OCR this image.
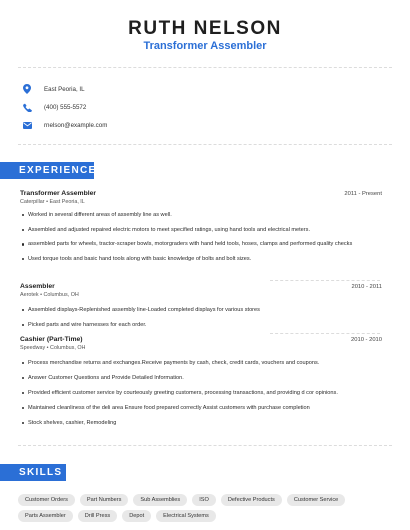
RUTH NELSON
Transformer Assembler
East Peoria, IL
(400) 555-5572
rnelson@example.com
EXPERIENCE
Transformer Assembler	2011 - Present
Caterpillar • East Peoria, IL
Worked in several different areas of assembly line as well.
Assembled and adjusted repaired electric motors to meet specified ratings, using hand tools and electrical meters.
assembled parts for wheels, tractor-scraper bowls, motorgraders with hand held tools, hoses, clamps and performed quality checks
Used torque tools and basic hand tools along with basic knowledge of bolts and bolt sizes.
Assembler	2010 - 2011
Aerotek • Columbus, OH
Assembled displays-Replenished assembly line-Loaded completed displays for various stores
Picked parts and wire harnesses for each order.
Cashier (Part-Time)	2010 - 2010
Speedway • Columbus, OH
Process merchandise returns and exchanges.Receive payments by cash, check, credit cards, vouchers and coupons.
Answer Customer Questions and Provide Detailed Information.
Provided efficient customer service by courteously greeting customers, processing transactions, and providing d cor opinions.
Maintained cleanliness of the deli area Ensure food prepared correctly Assist customers with purchase completion
Stock shelves, cashier, Remodeling
SKILLS
Customer Orders	Part Numbers	Sub Assemblies	ISO	Defective Products	Customer Service
Parts Assembler	Drill Press	Depot	Electrical Systems
